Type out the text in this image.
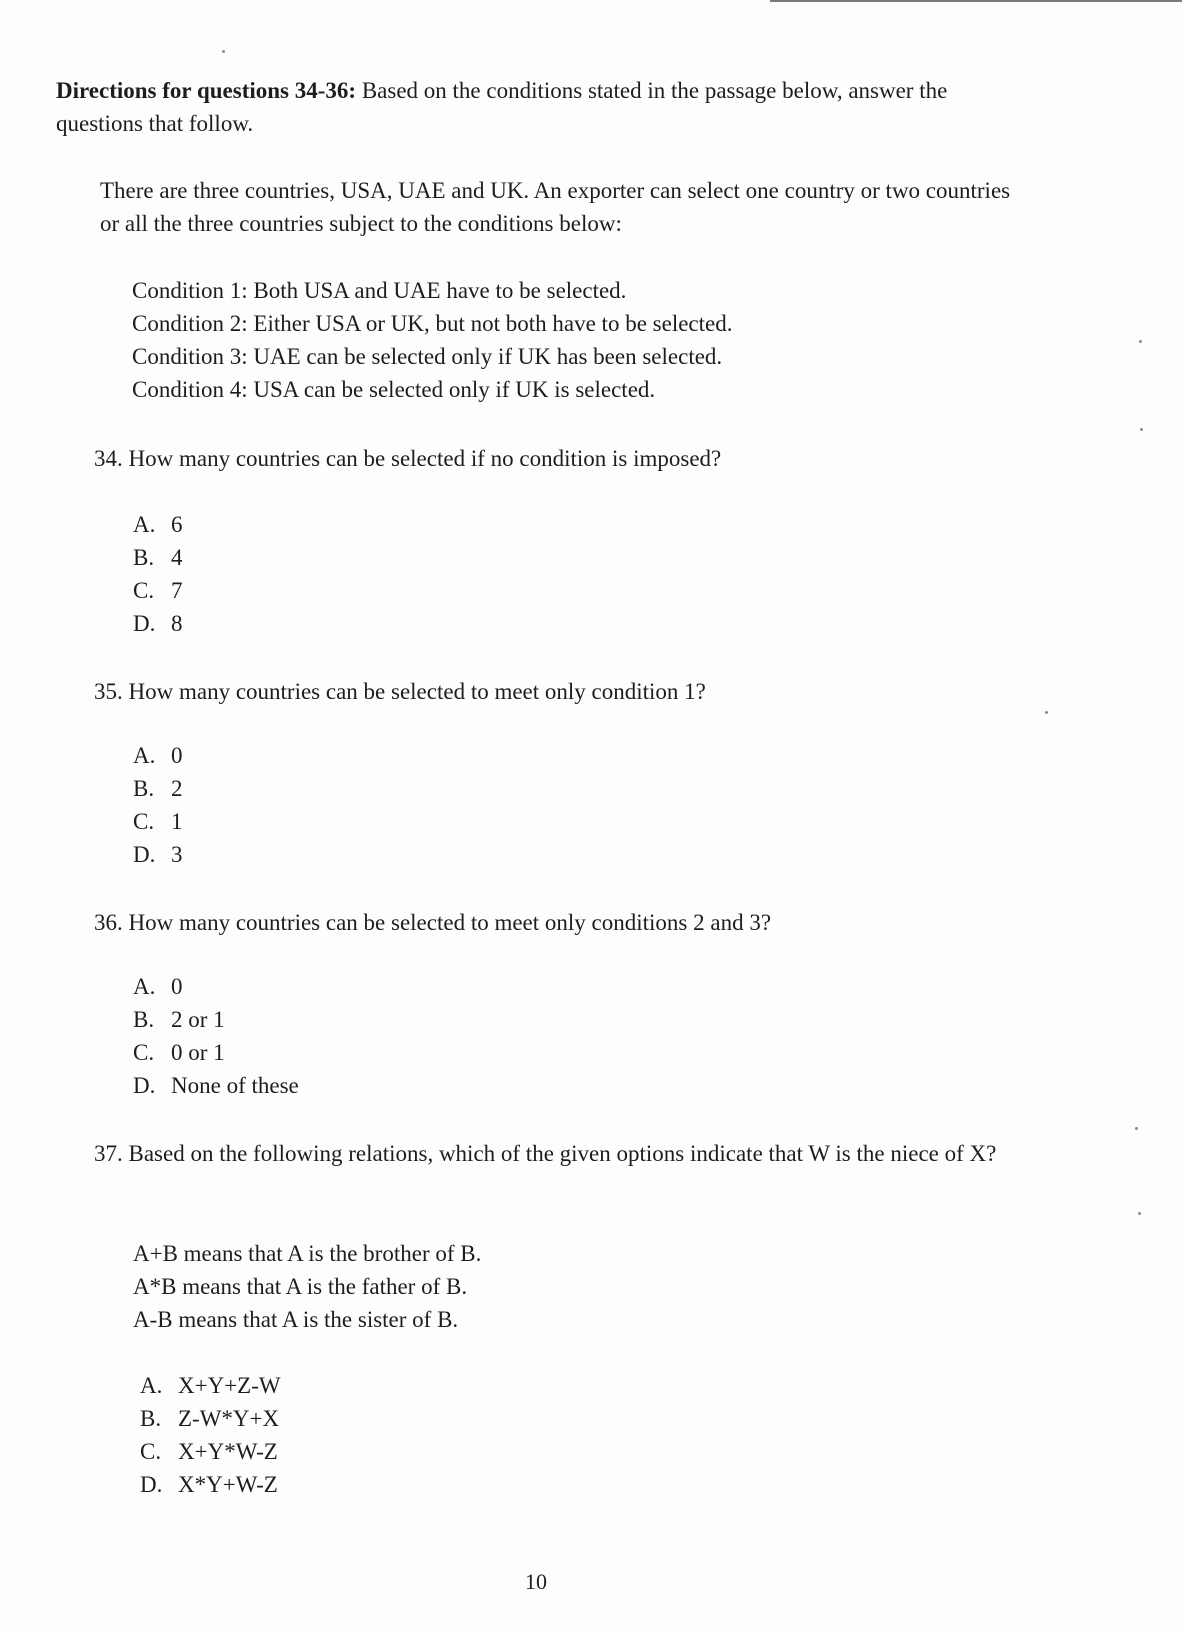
Directions for questions 34-36: Based on the conditions stated in the passage below, answer the questions that follow.
There are three countries, USA, UAE and UK. An exporter can select one country or two countries or all the three countries subject to the conditions below:
Condition 1: Both USA and UAE have to be selected.
Condition 2: Either USA or UK, but not both have to be selected.
Condition 3: UAE can be selected only if UK has been selected.
Condition 4: USA can be selected only if UK is selected.
34. How many countries can be selected if no condition is imposed?
A. 6
B. 4
C. 7
D. 8
35. How many countries can be selected to meet only condition 1?
A. 0
B. 2
C. 1
D. 3
36. How many countries can be selected to meet only conditions 2 and 3?
A. 0
B. 2 or 1
C. 0 or 1
D. None of these
37. Based on the following relations, which of the given options indicate that W is the niece of X?
A+B means that A is the brother of B.
A*B means that A is the father of B.
A-B means that A is the sister of B.
A. X+Y+Z-W
B. Z-W*Y+X
C. X+Y*W-Z
D. X*Y+W-Z
10
